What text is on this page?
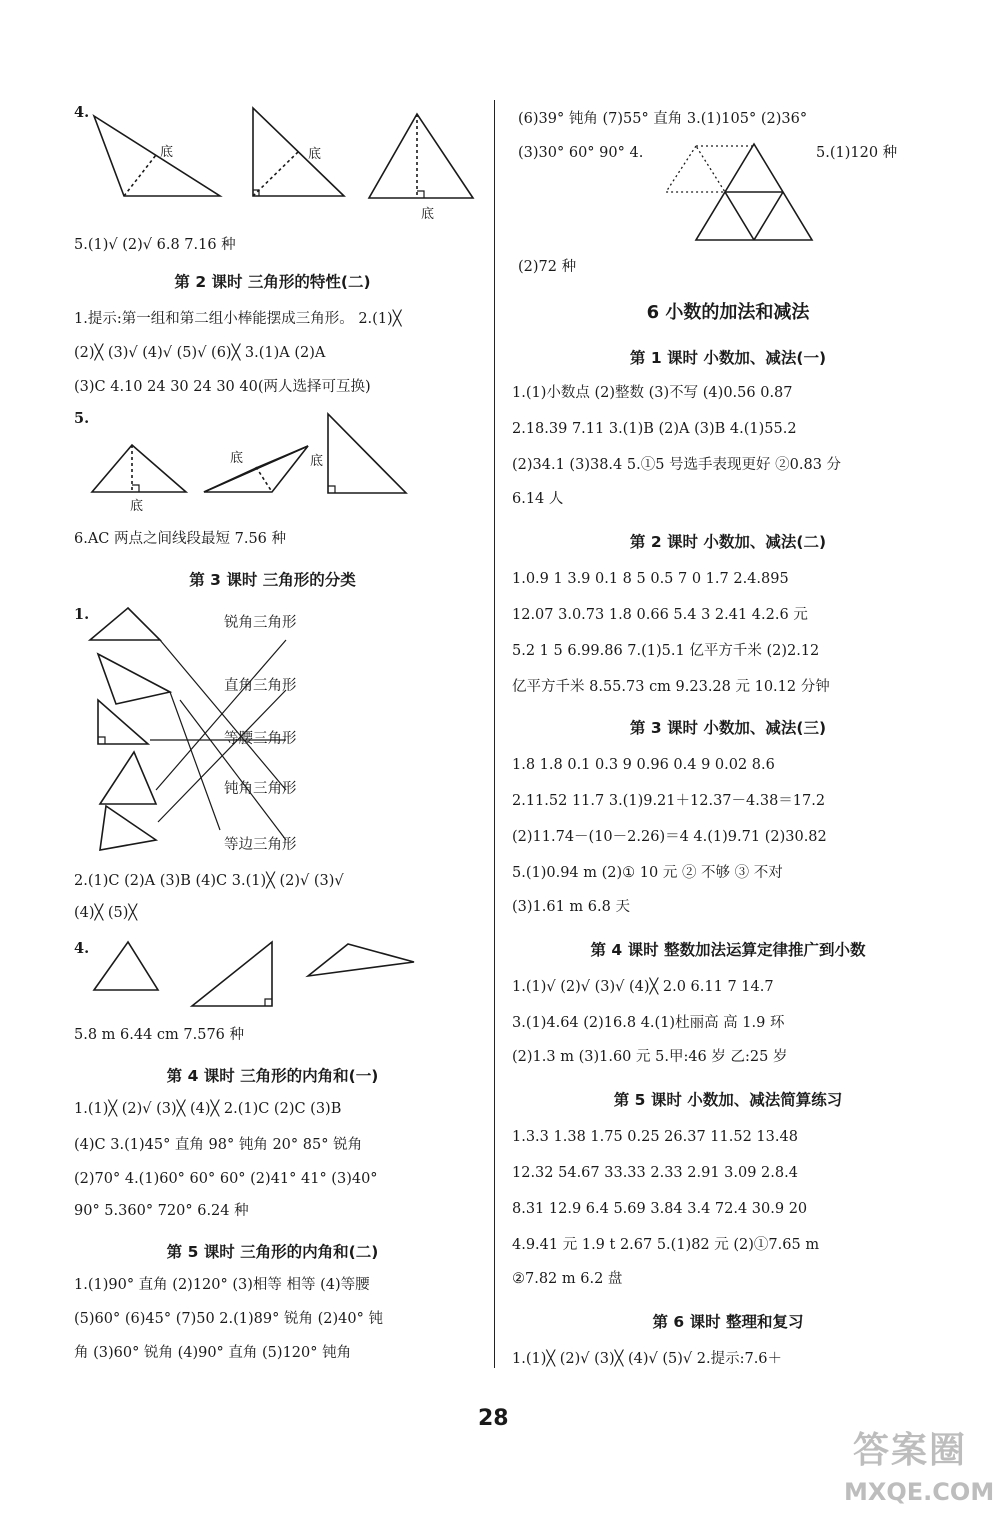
4.
底	底
底
5.(1)√ (2)√ 6.8 7.16 种
第 2 课时 三角形的特性(二)
1.提示:第一组和第二组小棒能摆成三角形。 2.(1)╳
(2)╳ (3)√ (4)√ (5)√ (6)╳ 3.(1)A (2)A
(3)C 4.10 24 30 24 30 40(两人选择可互换)
5.
底
底	底
6.AC 两点之间线段最短 7.56 种
第 3 课时 三角形的分类
1.	锐角三角形
直角三角形
等腰三角形
钝角三角形
等边三角形
2.(1)C (2)A (3)B (4)C 3.(1)╳ (2)√ (3)√
(4)╳ (5)╳
4.
5.8 m 6.44 cm 7.576 种
第 4 课时 三角形的内角和(一)
1.(1)╳ (2)√ (3)╳ (4)╳ 2.(1)C (2)C (3)B
(4)C 3.(1)45° 直角 98° 钝角 20° 85° 锐角
(2)70° 4.(1)60° 60° 60° (2)41° 41° (3)40°
90° 5.360° 720° 6.24 种
第 5 课时 三角形的内角和(二)
1.(1)90° 直角 (2)120° (3)相等 相等 (4)等腰
(5)60° (6)45° (7)50 2.(1)89° 锐角 (2)40° 钝
角 (3)60° 锐角 (4)90° 直角 (5)120° 钝角
(6)39° 钝角 (7)55° 直角 3.(1)105° (2)36°
(3)30° 60° 90° 4.	5.(1)120 种
(2)72 种
6 小数的加法和减法
第 1 课时 小数加、减法(一)
1.(1)小数点 (2)整数 (3)不写 (4)0.56 0.87
2.18.39 7.11 3.(1)B (2)A (3)B 4.(1)55.2
(2)34.1 (3)38.4 5.①5 号选手表现更好 ②0.83 分
6.14 人
第 2 课时 小数加、减法(二)
1.0.9 1 3.9 0.1 8 5 0.5 7 0 1.7 2.4.895
12.07 3.0.73 1.8 0.66 5.4 3 2.41 4.2.6 元
5.2 1 5 6.99.86 7.(1)5.1 亿平方千米 (2)2.12
亿平方千米 8.55.73 cm 9.23.28 元 10.12 分钟
第 3 课时 小数加、减法(三)
1.8 1.8 0.1 0.3 9 0.96 0.4 9 0.02 8.6
2.11.52 11.7 3.(1)9.21＋12.37－4.38＝17.2
(2)11.74－(10－2.26)＝4 4.(1)9.71 (2)30.82
5.(1)0.94 m (2)① 10 元 ② 不够 ③ 不对
(3)1.61 m 6.8 天
第 4 课时 整数加法运算定律推广到小数
1.(1)√ (2)√ (3)√ (4)╳ 2.0 6.11 7 14.7
3.(1)4.64 (2)16.8 4.(1)杜丽高 高 1.9 环
(2)1.3 m (3)1.60 元 5.甲:46 岁 乙:25 岁
第 5 课时 小数加、减法简算练习
1.3.3 1.38 1.75 0.25 26.37 11.52 13.48
12.32 54.67 33.33 2.33 2.91 3.09 2.8.4
8.31 12.9 6.4 5.69 3.84 3.4 72.4 30.9 20
4.9.41 元 1.9 t 2.67 5.(1)82 元 (2)①7.65 m
②7.82 m 6.2 盘
第 6 课时 整理和复习
1.(1)╳ (2)√ (3)╳ (4)√ (5)√ 2.提示:7.6＋
28
答案圈
MXQE.COM
